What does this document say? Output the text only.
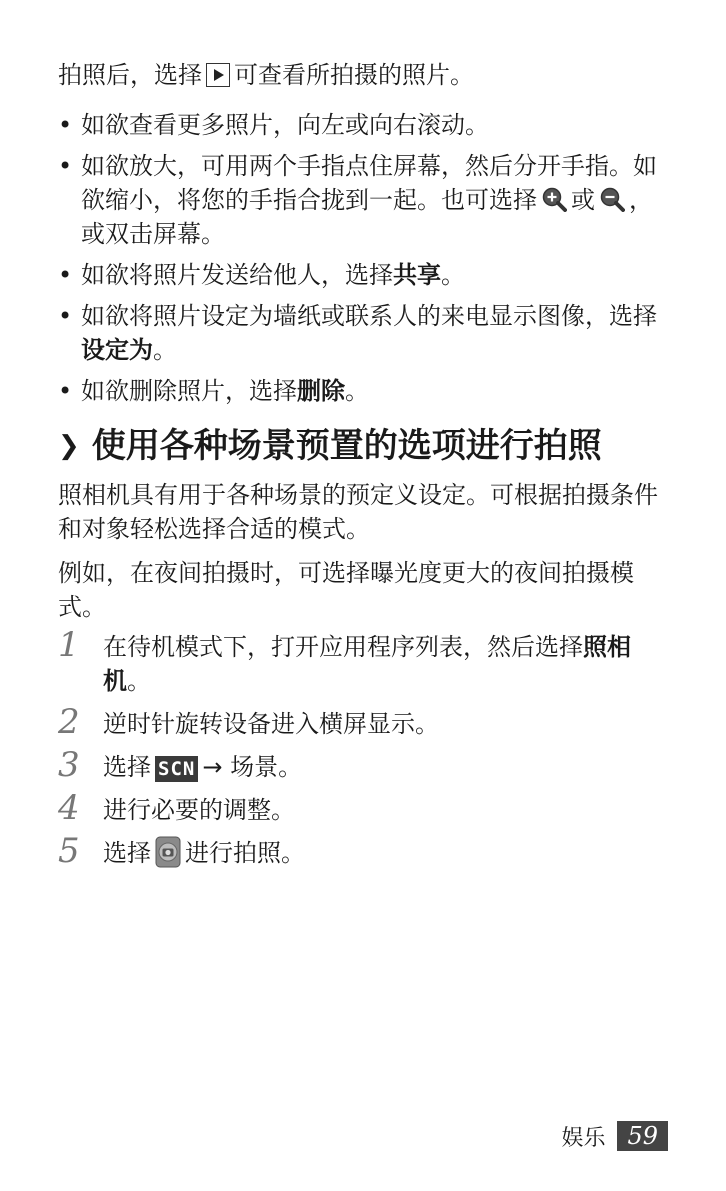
拍照后，选择 可查看所拍摄的照片。

• 如欲查看更多照片，向左或向右滚动。
• 如欲放大，可用两个手指点住屏幕，然后分开手指。如欲缩小，将您的手指合拢到一起。也可选择 或 ，或双击屏幕。
• 如欲将照片发送给他人，选择共享。
• 如欲将照片设定为墙纸或联系人的来电显示图像，选择设定为。
• 如欲删除照片，选择删除。
❯ 使用各种场景预置的选项进行拍照

照相机具有用于各种场景的预定义设定。可根据拍摄条件和对象轻松选择合适的模式。

例如，在夜间拍摄时，可选择曝光度更大的夜间拍摄模式。

1 在待机模式下，打开应用程序列表，然后选择照相机。
2 逆时针旋转设备进入横屏显示。
3 选择 SCN → 场景。
4 进行必要的调整。
5 选择 进行拍照。
娱乐 59
